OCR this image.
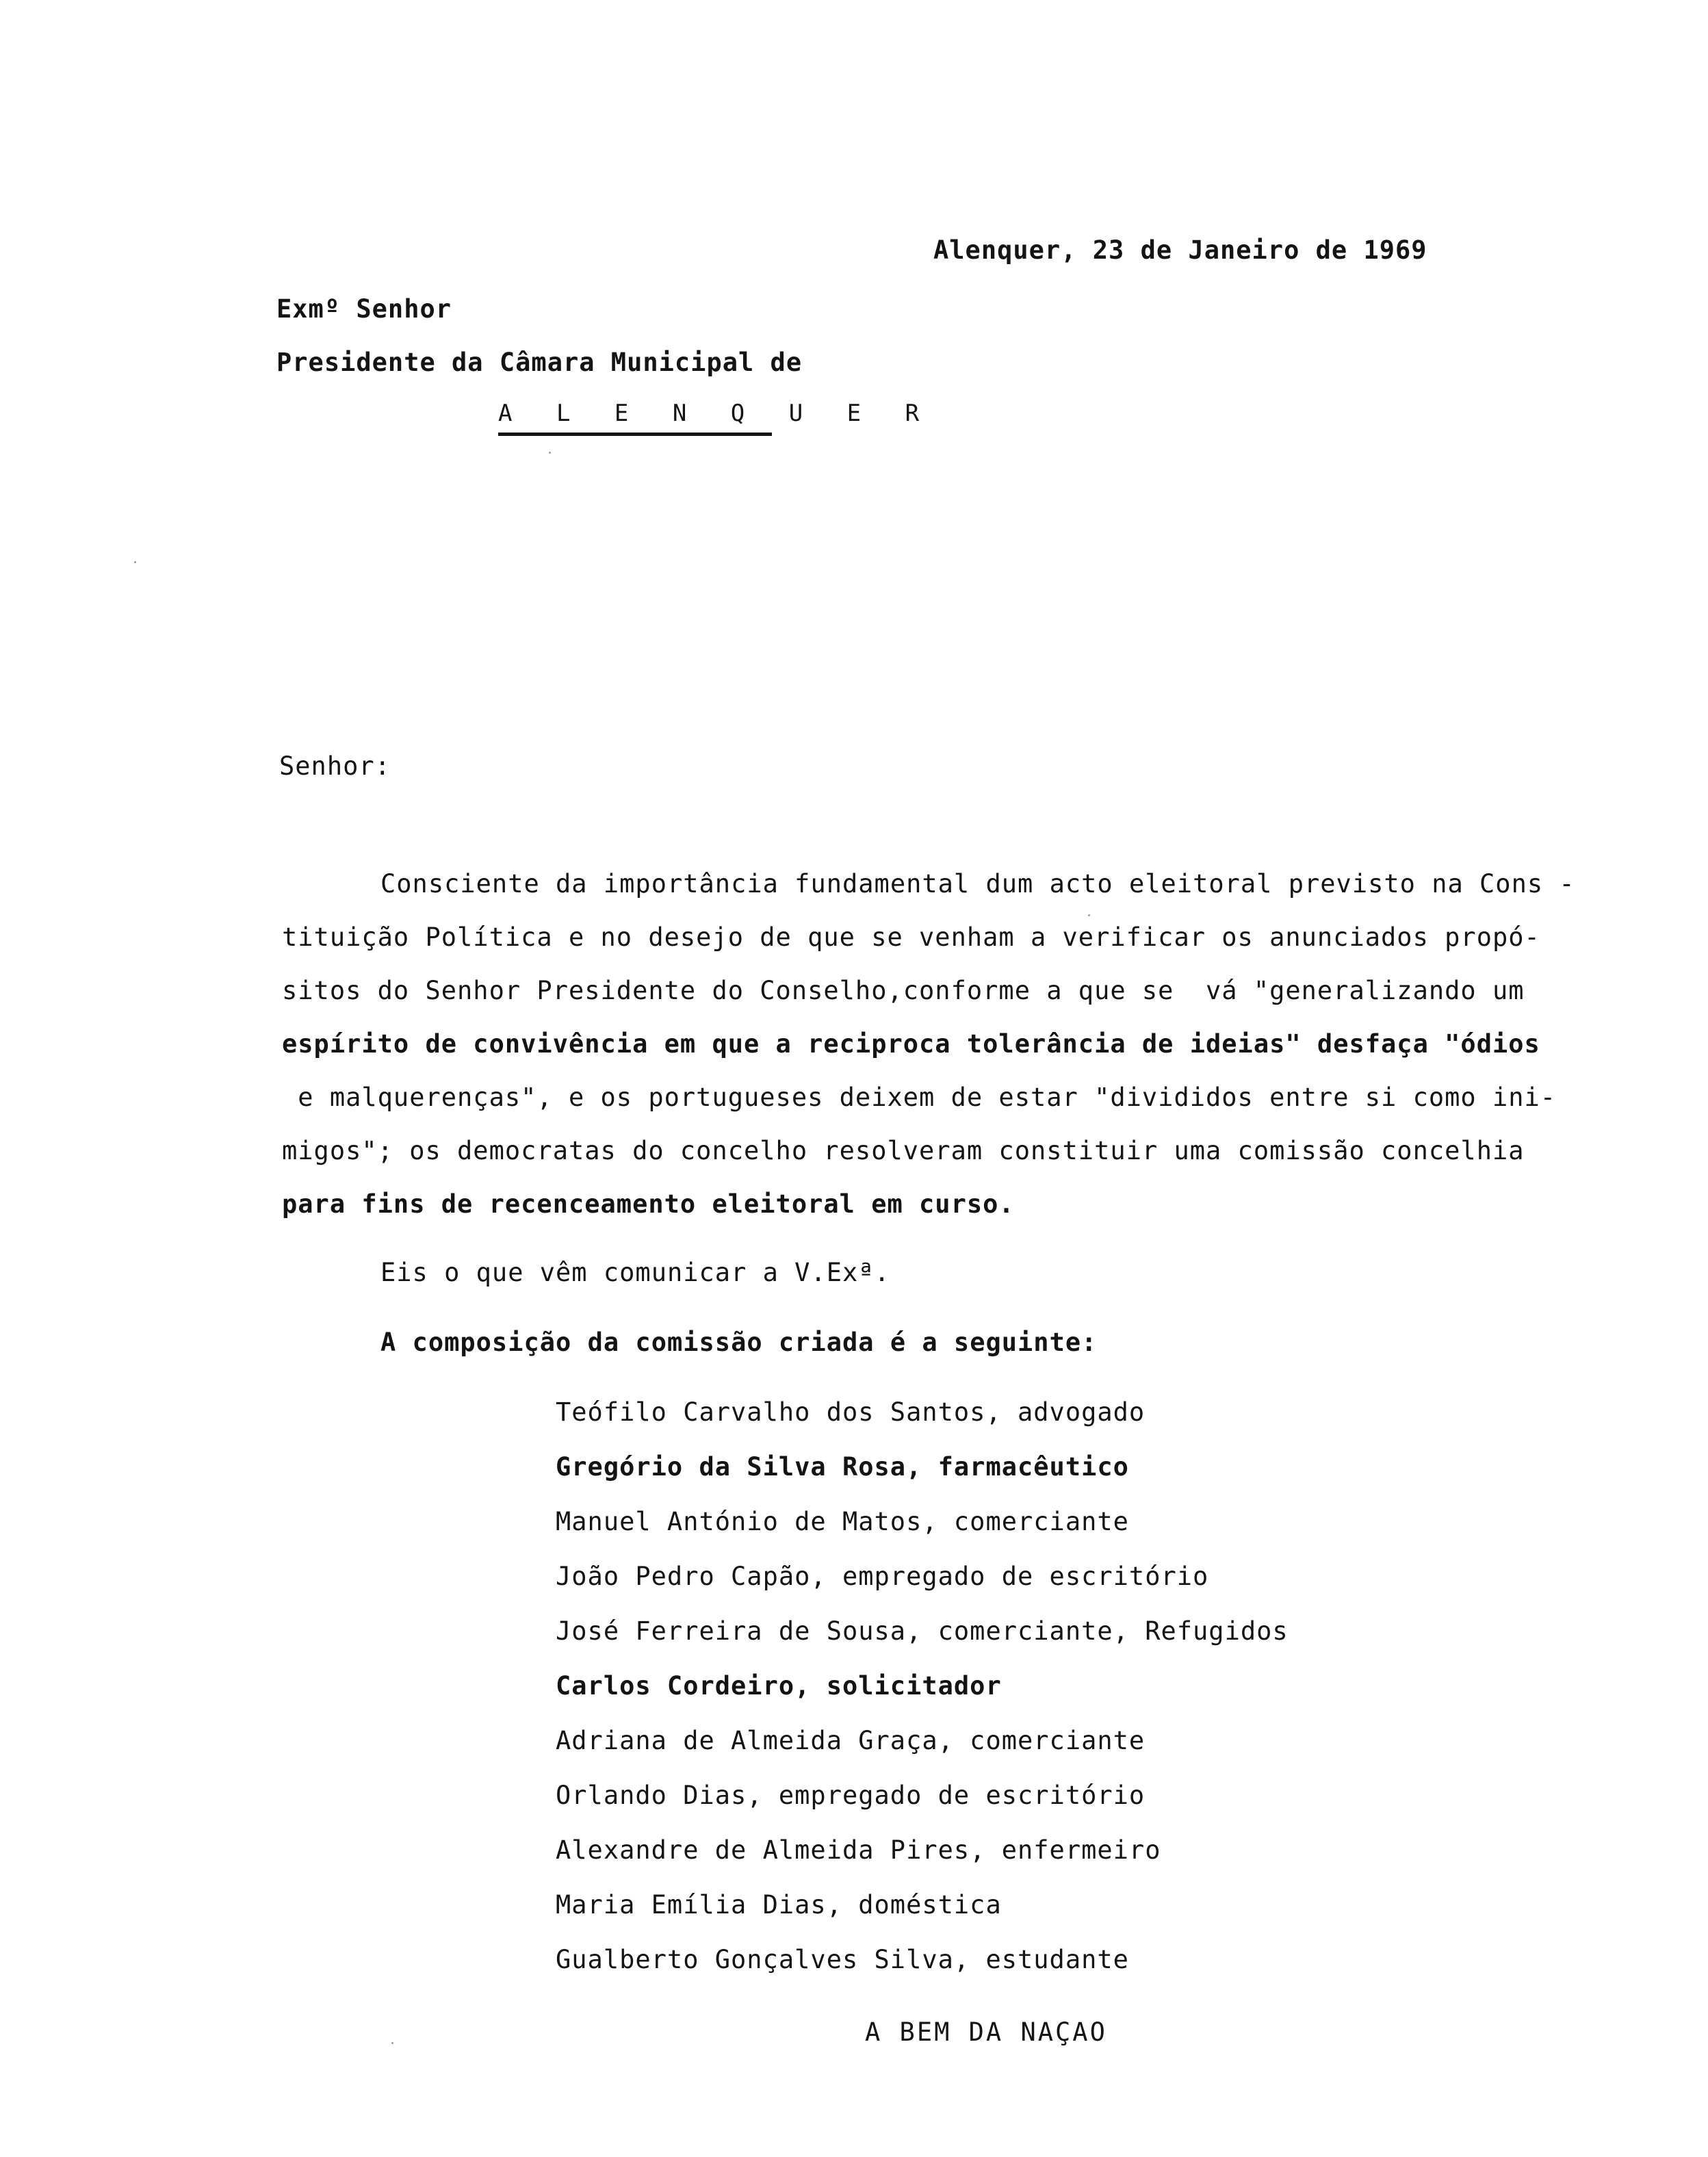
Alenquer, 23 de Janeiro de 1969
Exmº Senhor
Presidente da Câmara Municipal de
A L E N Q U E R
Senhor:
Consciente da importância fundamental dum acto eleitoral previsto na Cons -
tituição Política e no desejo de que se venham a verificar os anunciados propó-
sitos do Senhor Presidente do Conselho,conforme a que se  vá "generalizando um
espírito de convivência em que a reciproca tolerância de ideias" desfaça "ódios
e malquerenças", e os portugueses deixem de estar "divididos entre si como ini-
migos"; os democratas do concelho resolveram constituir uma comissão concelhia
para fins de recenceamento eleitoral em curso.
Eis o que vêm comunicar a V.Exª.
A composição da comissão criada é a seguinte:
Teófilo Carvalho dos Santos, advogado
Gregório da Silva Rosa, farmacêutico
Manuel António de Matos, comerciante
João Pedro Capão, empregado de escritório
José Ferreira de Sousa, comerciante, Refugidos
Carlos Cordeiro, solicitador
Adriana de Almeida Graça, comerciante
Orlando Dias, empregado de escritório
Alexandre de Almeida Pires, enfermeiro
Maria Emília Dias, doméstica
Gualberto Gonçalves Silva, estudante
A BEM DA NAÇAO
